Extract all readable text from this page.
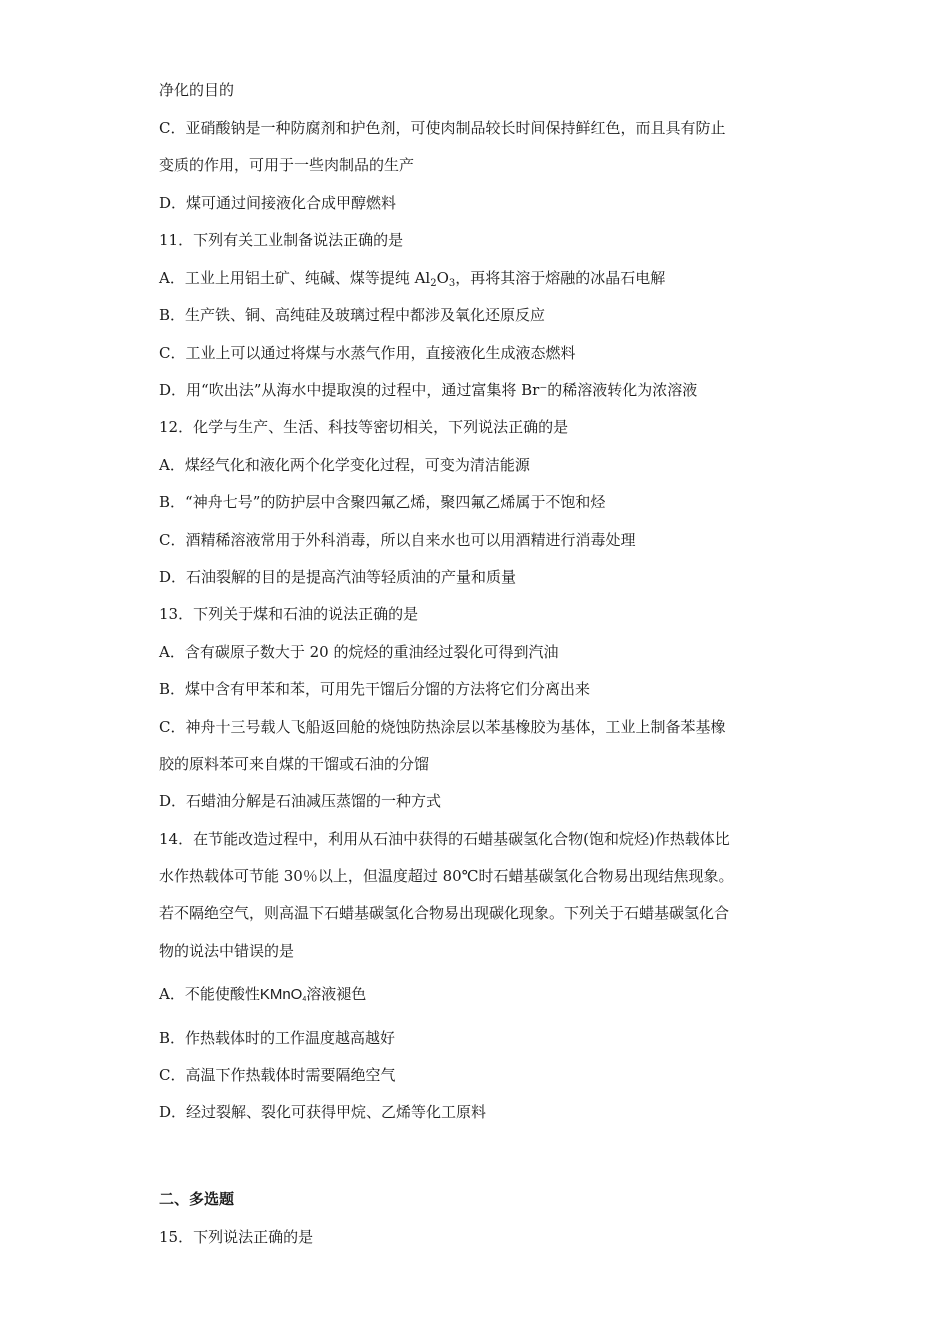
净化的目的
C．亚硝酸钠是一种防腐剂和护色剂，可使肉制品较长时间保持鲜红色，而且具有防止
变质的作用，可用于一些肉制品的生产
D．煤可通过间接液化合成甲醇燃料
11．下列有关工业制备说法正确的是
A．工业上用铝土矿、纯碱、煤等提纯 $Al_2O_3$，再将其溶于熔融的冰晶石电解
B．生产铁、铜、高纯硅及玻璃过程中都涉及氧化还原反应
C．工业上可以通过将煤与水蒸气作用，直接液化生成液态燃料
D．用“吹出法”从海水中提取溴的过程中，通过富集将 Br⁻的稀溶液转化为浓溶液
12．化学与生产、生活、科技等密切相关，下列说法正确的是
A．煤经气化和液化两个化学变化过程，可变为清洁能源
B．“神舟七号”的防护层中含聚四氟乙烯，聚四氟乙烯属于不饱和烃
C．酒精稀溶液常用于外科消毒，所以自来水也可以用酒精进行消毒处理
D．石油裂解的目的是提高汽油等轻质油的产量和质量
13．下列关于煤和石油的说法正确的是
A．含有碳原子数大于 20 的烷烃的重油经过裂化可得到汽油
B．煤中含有甲苯和苯，可用先干馏后分馏的方法将它们分离出来
C．神舟十三号载人飞船返回舱的烧蚀防热涂层以苯基橡胶为基体，工业上制备苯基橡
胶的原料苯可来自煤的干馏或石油的分馏
D．石蜡油分解是石油减压蒸馏的一种方式
14．在节能改造过程中，利用从石油中获得的石蜡基碳氢化合物(饱和烷烃)作热载体比
水作热载体可节能 30％以上，但温度超过 80℃时石蜡基碳氢化合物易出现结焦现象。
若不隔绝空气，则高温下石蜡基碳氢化合物易出现碳化现象。下列关于石蜡基碳氢化合
物的说法中错误的是
A．不能使酸性KMnO$_4$溶液褪色
B．作热载体时的工作温度越高越好
C．高温下作热载体时需要隔绝空气
D．经过裂解、裂化可获得甲烷、乙烯等化工原料
二、多选题
15．下列说法正确的是
